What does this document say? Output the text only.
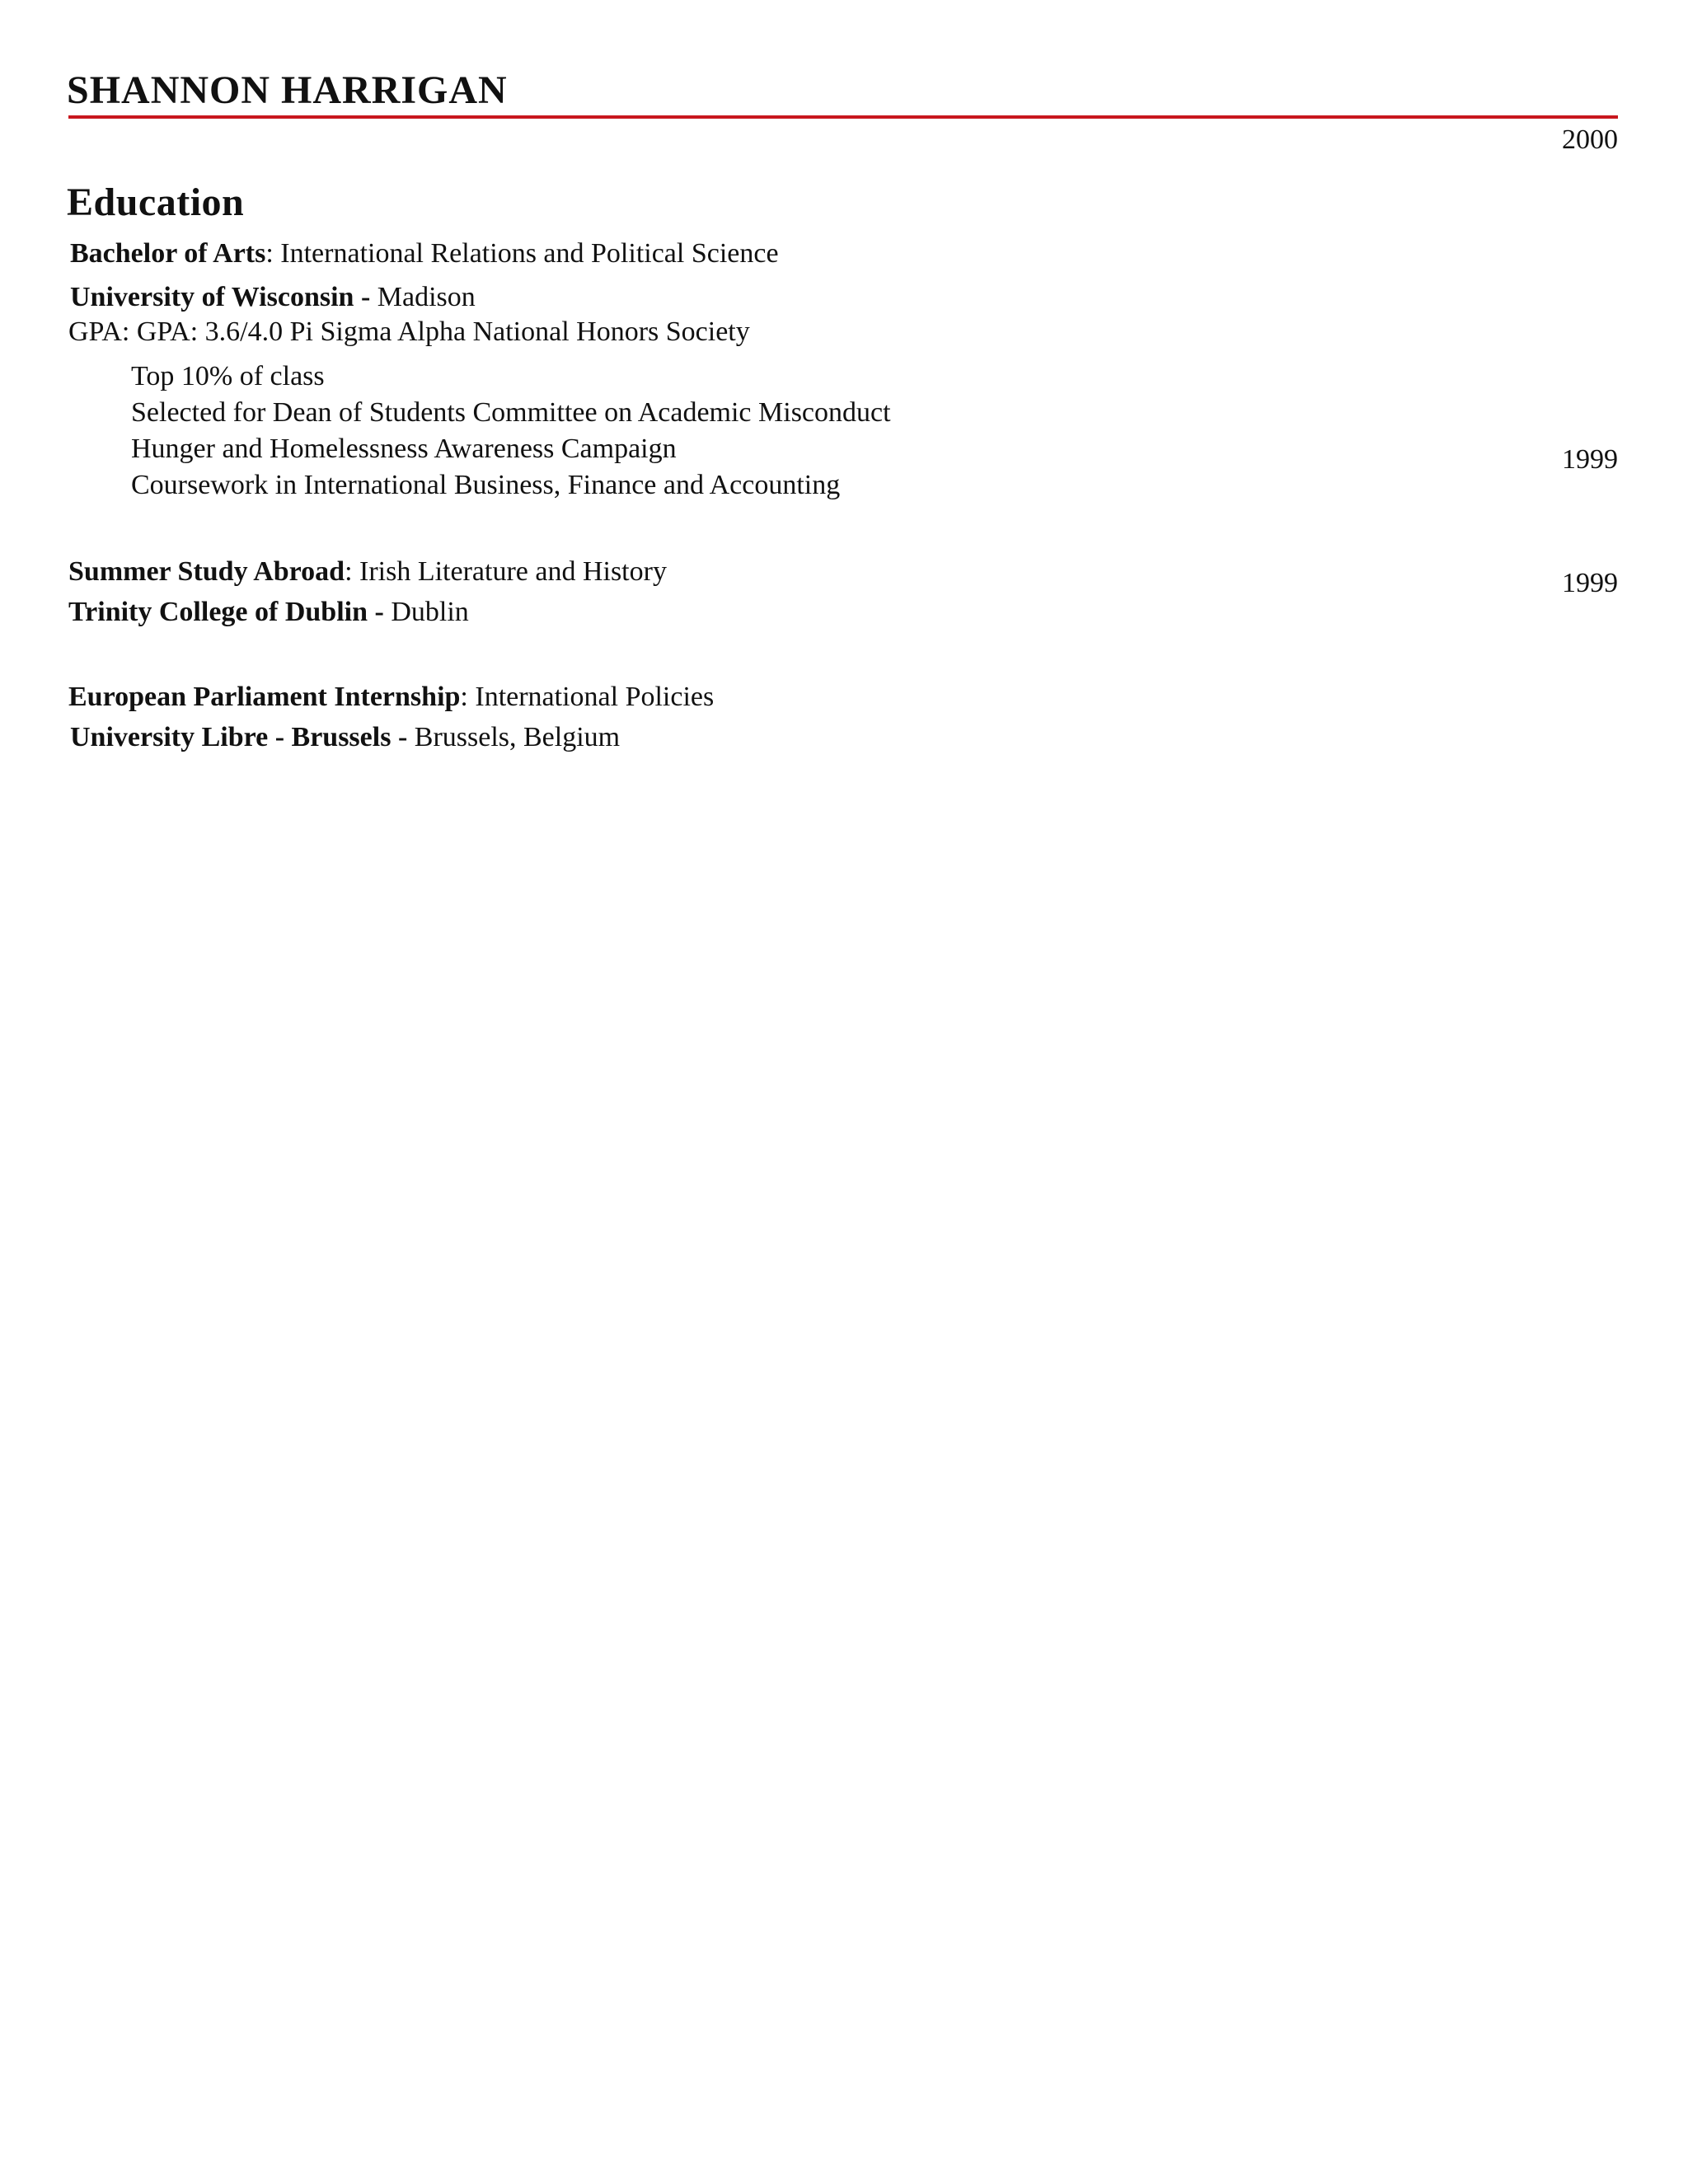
SHANNON HARRIGAN
2000
Education
Bachelor of Arts: International Relations and Political Science
University of Wisconsin - Madison
GPA: GPA: 3.6/4.0 Pi Sigma Alpha National Honors Society
Top 10% of class
Selected for Dean of Students Committee on Academic Misconduct
Hunger and Homelessness Awareness Campaign
Coursework in International Business, Finance and Accounting
1999
Summer Study Abroad: Irish Literature and History	1999
Trinity College of Dublin - Dublin
European Parliament Internship: International Policies
University Libre - Brussels - Brussels, Belgium
